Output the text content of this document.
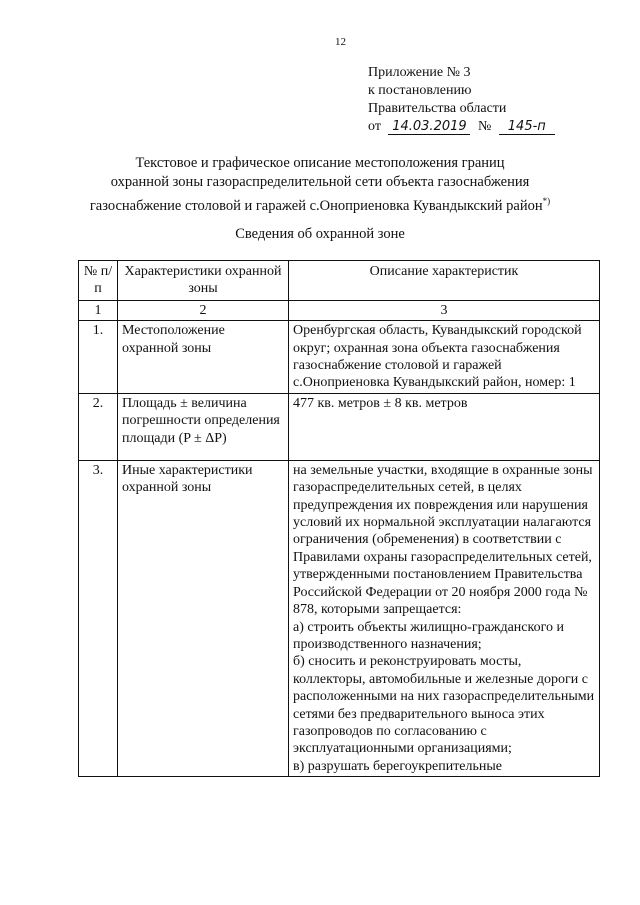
12
Приложение № 3
к постановлению
Правительства области
от 14.03.2019 № 145-п
Текстовое и графическое описание местоположения границ
охранной зоны газораспределительной сети объекта газоснабжения
газоснабжение столовой и гаражей с.Оноприеновка Кувандыкский район*)
Сведения об охранной зоне
№ п/п	Характеристики охранной зоны	Описание характеристик
1	2	3
1.	Местоположение охранной зоны	Оренбургская область, Кувандыкский городской округ; охранная зона объекта газоснабжения газоснабжение столовой и гаражей с.Оноприеновка Кувандыкский район, номер: 1
2.	Площадь ± величина погрешности определения площади (P ± ΔP)	477 кв. метров ± 8 кв. метров
3.	Иные характеристики охранной зоны	на земельные участки, входящие в охранные зоны газораспределительных сетей, в целях предупреждения их повреждения или нарушения условий их нормальной эксплуатации налагаются ограничения (обременения) в соответствии с Правилами охраны газораспределительных сетей, утвержденными постановлением Правительства Российской Федерации от 20 ноября 2000 года № 878, которыми запрещается:
а) строить объекты жилищно-гражданского и производственного назначения;
б) сносить и реконструировать мосты, коллекторы, автомобильные и железные дороги с расположенными на них газораспределительными сетями без предварительного выноса этих газопроводов по согласованию с эксплуатационными организациями;
в) разрушать берегоукрепительные
